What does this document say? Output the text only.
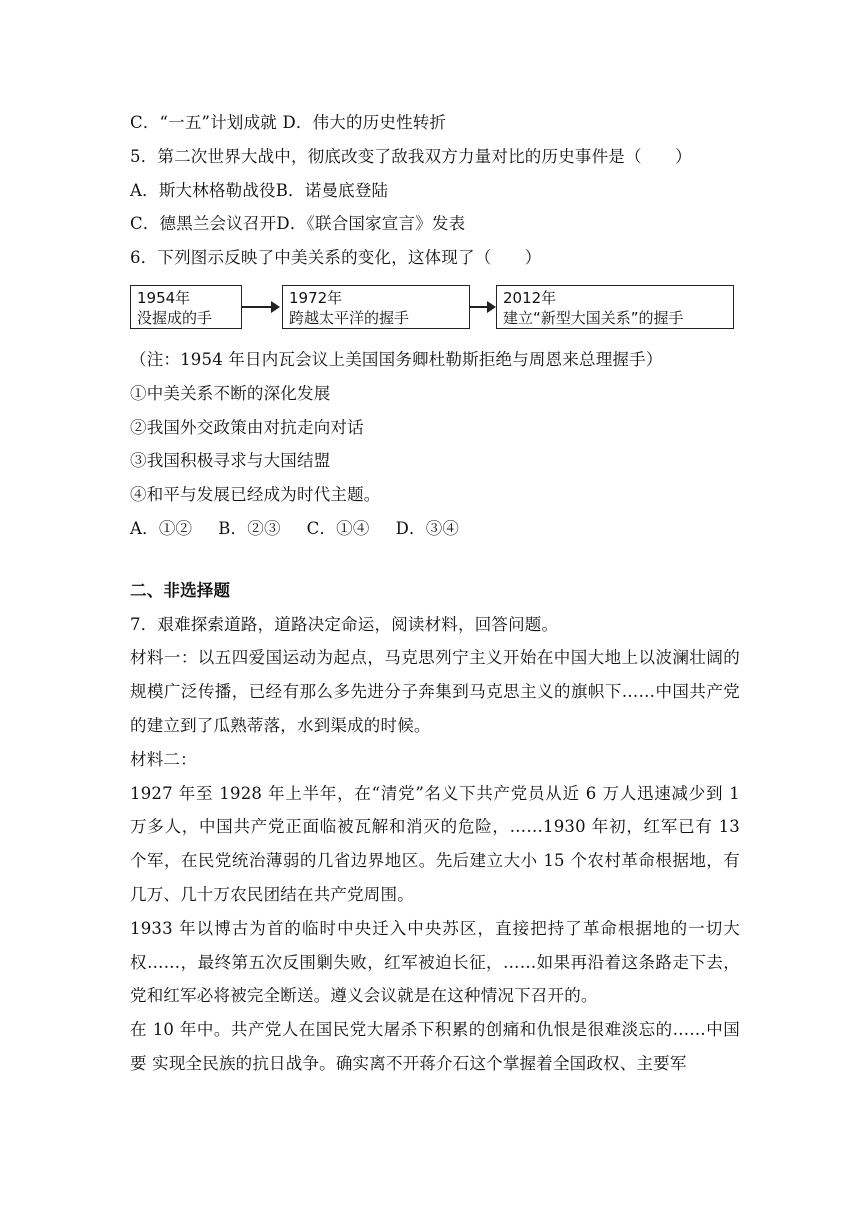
C．“一五”计划成就 D．伟大的历史性转折
5．第二次世界大战中，彻底改变了敌我双方力量对比的历史事件是（　　）
A．斯大林格勒战役B．诺曼底登陆
C．德黑兰会议召开D．《联合国家宣言》发表
6．下列图示反映了中美关系的变化，这体现了（　　）
1954年
没握成的手
1972年
跨越太平洋的握手
2012年
建立“新型大国关系”的握手
（注：1954 年日内瓦会议上美国国务卿杜勒斯拒绝与周恩来总理握手）
①中美关系不断的深化发展
②我国外交政策由对抗走向对话
③我国积极寻求与大国结盟
④和平与发展已经成为时代主题。
A．①② B．②③ C．①④ D．③④
二、非选择题
7．艰难探索道路，道路决定命运，阅读材料，回答问题。
材料一：以五四爱国运动为起点，马克思列宁主义开始在中国大地上以波澜壮阔的规模广泛传播，已经有那么多先进分子奔集到马克思主义的旗帜下……中国共产党的建立到了瓜熟蒂落，水到渠成的时候。
材料二：
1927 年至 1928 年上半年，在“清党”名义下共产党员从近 6 万人迅速减少到 1 万多人，中国共产党正面临被瓦解和消灭的危险，……1930 年初，红军已有 13 个军，在民党统治薄弱的几省边界地区。先后建立大小 15 个农村革命根据地，有几万、几十万农民团结在共产党周围。
1933 年以博古为首的临时中央迁入中央苏区，直接把持了革命根据地的一切大权……，最终第五次反围剿失败，红军被迫长征，……如果再沿着这条路走下去，党和红军必将被完全断送。遵义会议就是在这种情况下召开的。
在 10 年中。共产党人在国民党大屠杀下积累的创痛和仇恨是很难淡忘的……中国要 实现全民族的抗日战争。确实离不开蒋介石这个掌握着全国政权、主要军
